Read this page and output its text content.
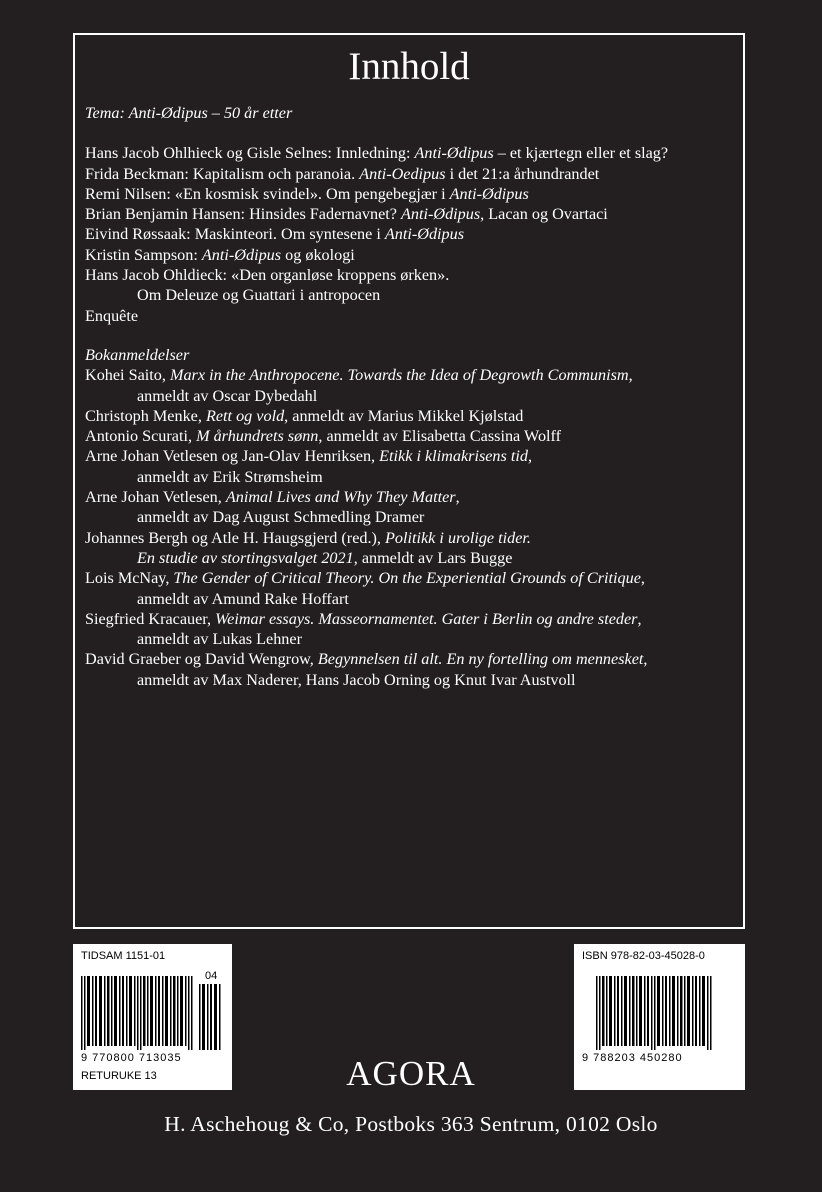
Innhold
Tema: Anti-Ødipus – 50 år etter
Hans Jacob Ohlhieck og Gisle Selnes: Innledning: Anti-Ødipus – et kjærtegn eller et slag?
Frida Beckman: Kapitalism och paranoia. Anti-Oedipus i det 21:a århundrandet
Remi Nilsen: «En kosmisk svindel». Om pengebegjær i Anti-Ødipus
Brian Benjamin Hansen: Hinsides Fadernavnet? Anti-Ødipus, Lacan og Ovartaci
Eivind Røssaak: Maskinteori. Om syntesene i Anti-Ødipus
Kristin Sampson: Anti-Ødipus og økologi
Hans Jacob Ohldieck: «Den organløse kroppens ørken».
Om Deleuze og Guattari i antropocen
Enquête
Bokanmeldelser
Kohei Saito, Marx in the Anthropocene. Towards the Idea of Degrowth Communism,
anmeldt av Oscar Dybedahl
Christoph Menke, Rett og vold, anmeldt av Marius Mikkel Kjølstad
Antonio Scurati, M århundrets sønn, anmeldt av Elisabetta Cassina Wolff
Arne Johan Vetlesen og Jan-Olav Henriksen, Etikk i klimakrisens tid,
anmeldt av Erik Strømsheim
Arne Johan Vetlesen, Animal Lives and Why They Matter,
anmeldt av Dag August Schmedling Dramer
Johannes Bergh og Atle H. Haugsgjerd (red.), Politikk i urolige tider.
En studie av stortingsvalget 2021, anmeldt av Lars Bugge
Lois McNay, The Gender of Critical Theory. On the Experiential Grounds of Critique,
anmeldt av Amund Rake Hoffart
Siegfried Kracauer, Weimar essays. Masseornamentet. Gater i Berlin og andre steder,
anmeldt av Lukas Lehner
David Graeber og David Wengrow, Begynnelsen til alt. En ny fortelling om mennesket,
anmeldt av Max Naderer, Hans Jacob Orning og Knut Ivar Austvoll
TIDSAM 1151-01
04
9 770800 713035
RETURUKE 13
ISBN 978-82-03-45028-0
9 788203 450280
AGORA
H. Aschehoug & Co, Postboks 363 Sentrum, 0102 Oslo
